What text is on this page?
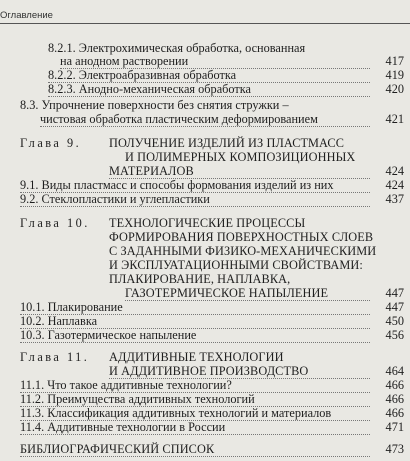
Оглавление
8.2.1. Электрохимическая обработка, основанная
на анодном растворении	417
8.2.2. Электроабразивная обработка	419
8.2.3. Анодно-механическая обработка	420
8.3. Упрочнение поверхности без снятия стружки –
чистовая обработка пластическим деформированием	421
Глава 9. ПОЛУЧЕНИЕ ИЗДЕЛИЙ ИЗ ПЛАСТМАСС
И ПОЛИМЕРНЫХ КОМПОЗИЦИОННЫХ
МАТЕРИАЛОВ	424
9.1. Виды пластмасс и способы формования изделий из них	424
9.2. Стеклопластики и углепластики	437
Глава 10. ТЕХНОЛОГИЧЕСКИЕ ПРОЦЕССЫ
ФОРМИРОВАНИЯ ПОВЕРХНОСТНЫХ СЛОЕВ
С ЗАДАННЫМИ ФИЗИКО-МЕХАНИЧЕСКИМИ
И ЭКСПЛУАТАЦИОННЫМИ СВОЙСТВАМИ:
ПЛАКИРОВАНИЕ, НАПЛАВКА,
ГАЗОТЕРМИЧЕСКОЕ НАПЫЛЕНИЕ	447
10.1. Плакирование	447
10.2. Наплавка	450
10.3. Газотермическое напыление	456
Глава 11. АДДИТИВНЫЕ ТЕХНОЛОГИИ
И АДДИТИВНОЕ ПРОИЗВОДСТВО	464
11.1. Что такое аддитивные технологии?	466
11.2. Преимущества аддитивных технологий	466
11.3. Классификация аддитивных технологий и материалов	466
11.4. Аддитивные технологии в России	471
БИБЛИОГРАФИЧЕСКИЙ СПИСОК	473
